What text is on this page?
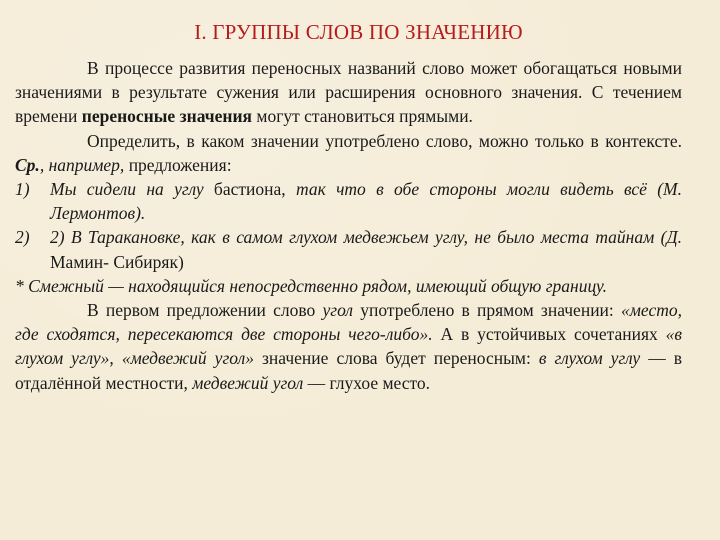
I. ГРУППЫ СЛОВ ПО ЗНАЧЕНИЮ

В процессе развития переносных названий слово может обогащаться новыми значениями в результате сужения или расширения основного значения. С течением времени переносные значения могут становиться прямыми.

Определить, в каком значении употреблено слово, можно только в контексте. Ср., например, предложения:

1) Мы сидели на углу бастиона, так что в обе стороны могли видеть всё (М. Лермонтов).
2) 2) В Таракановке, как в самом глухом медвежьем углу, не было места тайнам (Д. Мамин- Сибиряк)

* Смежный — находящийся непосредственно рядом, имеющий общую границу.

В первом предложении слово угол употреблено в прямом значении: «место, где сходятся, пересекаются две стороны чего-либо». А в устойчивых сочетаниях «в глухом углу», «медвежий угол» значение слова будет переносным: в глухом углу — в отдалённой местности, медвежий угол — глухое место.
